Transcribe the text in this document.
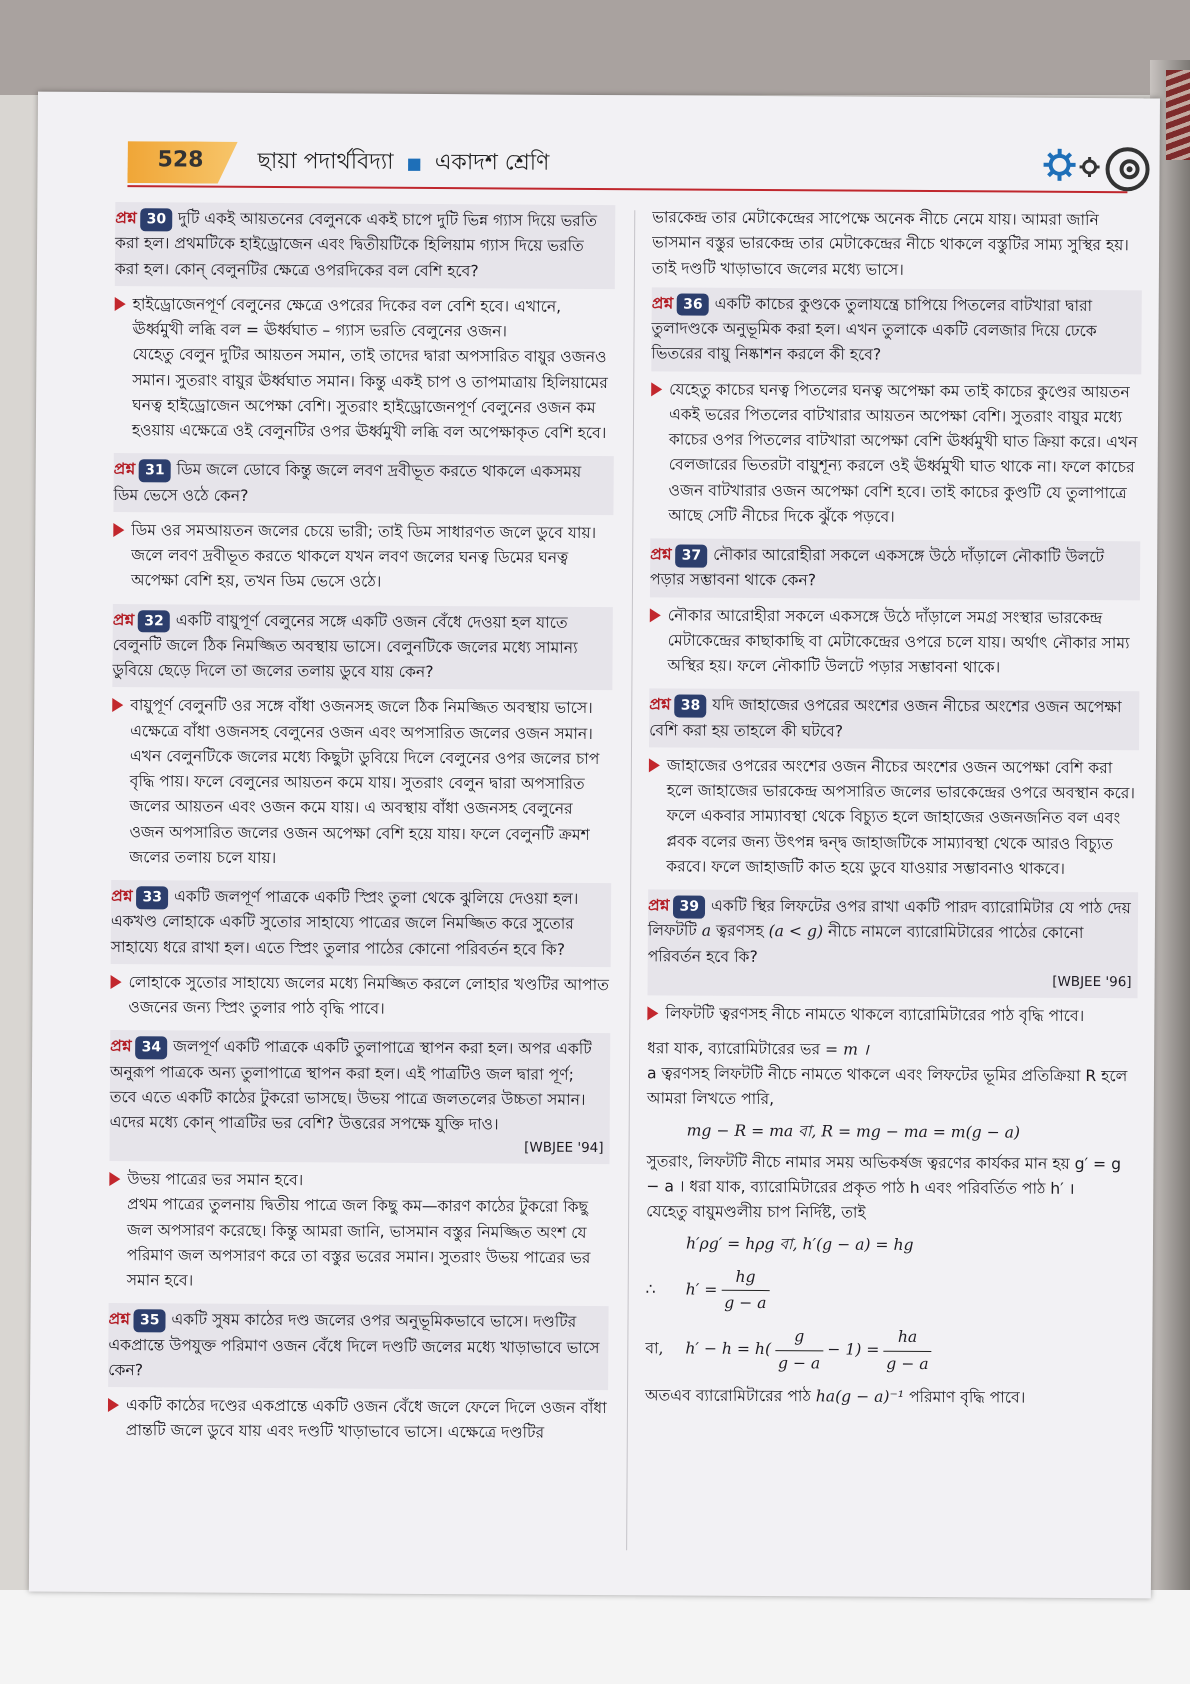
528 ছায়া পদার্থবিদ্যা ■ একাদশ শ্রেণি
প্রশ্ন 30 দুটি একই আয়তনের বেলুনকে একই চাপে দুটি ভিন্ন গ্যাস দিয়ে ভরতি করা হল। প্রথমটিকে হাইড্রোজেন এবং দ্বিতীয়টিকে হিলিয়াম গ্যাস দিয়ে ভরতি করা হল। কোন্ বেলুনটির ক্ষেত্রে ওপরদিকের বল বেশি হবে?
হাইড্রোজেনপূর্ণ বেলুনের ক্ষেত্রে ওপরের দিকের বল বেশি হবে। এখানে, ঊর্ধ্বমুখী লব্ধি বল = ঊর্ধ্বঘাত – গ্যাস ভরতি বেলুনের ওজন।
যেহেতু বেলুন দুটির আয়তন সমান, তাই তাদের দ্বারা অপসারিত বায়ুর ওজনও সমান। সুতরাং বায়ুর ঊর্ধ্বঘাত সমান। কিন্তু একই চাপ ও তাপমাত্রায় হিলিয়ামের ঘনত্ব হাইড্রোজেন অপেক্ষা বেশি। সুতরাং হাইড্রোজেনপূর্ণ বেলুনের ওজন কম হওয়ায় এক্ষেত্রে ওই বেলুনটির ওপর ঊর্ধ্বমুখী লব্ধি বল অপেক্ষাকৃত বেশি হবে।
প্রশ্ন 31 ডিম জলে ডোবে কিন্তু জলে লবণ দ্রবীভূত করতে থাকলে একসময় ডিম ভেসে ওঠে কেন?
ডিম ওর সমআয়তন জলের চেয়ে ভারী; তাই ডিম সাধারণত জলে ডুবে যায়। জলে লবণ দ্রবীভূত করতে থাকলে যখন লবণ জলের ঘনত্ব ডিমের ঘনত্ব অপেক্ষা বেশি হয়, তখন ডিম ভেসে ওঠে।
প্রশ্ন 32 একটি বায়ুপূর্ণ বেলুনের সঙ্গে একটি ওজন বেঁধে দেওয়া হল যাতে বেলুনটি জলে ঠিক নিমজ্জিত অবস্থায় ভাসে। বেলুনটিকে জলের মধ্যে সামান্য ডুবিয়ে ছেড়ে দিলে তা জলের তলায় ডুবে যায় কেন?
বায়ুপূর্ণ বেলুনটি ওর সঙ্গে বাঁধা ওজনসহ জলে ঠিক নিমজ্জিত অবস্থায় ভাসে। এক্ষেত্রে বাঁধা ওজনসহ বেলুনের ওজন এবং অপসারিত জলের ওজন সমান। এখন বেলুনটিকে জলের মধ্যে কিছুটা ডুবিয়ে দিলে বেলুনের ওপর জলের চাপ বৃদ্ধি পায়। ফলে বেলুনের আয়তন কমে যায়। সুতরাং বেলুন দ্বারা অপসারিত জলের আয়তন এবং ওজন কমে যায়। এ অবস্থায় বাঁধা ওজনসহ বেলুনের ওজন অপসারিত জলের ওজন অপেক্ষা বেশি হয়ে যায়। ফলে বেলুনটি ক্রমশ জলের তলায় চলে যায়।
প্রশ্ন 33 একটি জলপূর্ণ পাত্রকে একটি স্প্রিং তুলা থেকে ঝুলিয়ে দেওয়া হল। একখণ্ড লোহাকে একটি সুতোর সাহায্যে পাত্রের জলে নিমজ্জিত করে সুতোর সাহায্যে ধরে রাখা হল। এতে স্প্রিং তুলার পাঠের কোনো পরিবর্তন হবে কি?
লোহাকে সুতোর সাহায্যে জলের মধ্যে নিমজ্জিত করলে লোহার খণ্ডটির আপাত ওজনের জন্য স্প্রিং তুলার পাঠ বৃদ্ধি পাবে।
প্রশ্ন 34 জলপূর্ণ একটি পাত্রকে একটি তুলাপাত্রে স্থাপন করা হল। অপর একটি অনুরূপ পাত্রকে অন্য তুলাপাত্রে স্থাপন করা হল। এই পাত্রটিও জল দ্বারা পূর্ণ; তবে এতে একটি কাঠের টুকরো ভাসছে। উভয় পাত্রে জলতলের উচ্চতা সমান। এদের মধ্যে কোন্ পাত্রটির ভর বেশি? উত্তরের সপক্ষে যুক্তি দাও।
[WBJEE '94]
উভয় পাত্রের ভর সমান হবে।
প্রথম পাত্রের তুলনায় দ্বিতীয় পাত্রে জল কিছু কম—কারণ কাঠের টুকরো কিছু জল অপসারণ করেছে। কিন্তু আমরা জানি, ভাসমান বস্তুর নিমজ্জিত অংশ যে পরিমাণ জল অপসারণ করে তা বস্তুর ভরের সমান। সুতরাং উভয় পাত্রের ভর সমান হবে।
প্রশ্ন 35 একটি সুষম কাঠের দণ্ড জলের ওপর অনুভূমিকভাবে ভাসে। দণ্ডটির একপ্রান্তে উপযুক্ত পরিমাণ ওজন বেঁধে দিলে দণ্ডটি জলের মধ্যে খাড়াভাবে ভাসে কেন?
একটি কাঠের দণ্ডের একপ্রান্তে একটি ওজন বেঁধে জলে ফেলে দিলে ওজন বাঁধা প্রান্তটি জলে ডুবে যায় এবং দণ্ডটি খাড়াভাবে ভাসে। এক্ষেত্রে দণ্ডটির
ভারকেন্দ্র তার মেটাকেন্দ্রের সাপেক্ষে অনেক নীচে নেমে যায়। আমরা জানি ভাসমান বস্তুর ভারকেন্দ্র তার মেটাকেন্দ্রের নীচে থাকলে বস্তুটির সাম্য সুস্থির হয়। তাই দণ্ডটি খাড়াভাবে জলের মধ্যে ভাসে।
প্রশ্ন 36 একটি কাচের কুণ্ডকে তুলাযন্ত্রে চাপিয়ে পিতলের বাটখারা দ্বারা তুলাদণ্ডকে অনুভূমিক করা হল। এখন তুলাকে একটি বেলজার দিয়ে ঢেকে ভিতরের বায়ু নিষ্কাশন করলে কী হবে?
যেহেতু কাচের ঘনত্ব পিতলের ঘনত্ব অপেক্ষা কম তাই কাচের কুণ্ডের আয়তন একই ভরের পিতলের বাটখারার আয়তন অপেক্ষা বেশি। সুতরাং বায়ুর মধ্যে কাচের ওপর পিতলের বাটখারা অপেক্ষা বেশি ঊর্ধ্বমুখী ঘাত ক্রিয়া করে। এখন বেলজারের ভিতরটা বায়ুশূন্য করলে ওই ঊর্ধ্বমুখী ঘাত থাকে না। ফলে কাচের ওজন বাটখারার ওজন অপেক্ষা বেশি হবে। তাই কাচের কুণ্ডটি যে তুলাপাত্রে আছে সেটি নীচের দিকে ঝুঁকে পড়বে।
প্রশ্ন 37 নৌকার আরোহীরা সকলে একসঙ্গে উঠে দাঁড়ালে নৌকাটি উলটে পড়ার সম্ভাবনা থাকে কেন?
নৌকার আরোহীরা সকলে একসঙ্গে উঠে দাঁড়ালে সমগ্র সংস্থার ভারকেন্দ্র মেটাকেন্দ্রের কাছাকাছি বা মেটাকেন্দ্রের ওপরে চলে যায়। অর্থাৎ নৌকার সাম্য অস্থির হয়। ফলে নৌকাটি উলটে পড়ার সম্ভাবনা থাকে।
প্রশ্ন 38 যদি জাহাজের ওপরের অংশের ওজন নীচের অংশের ওজন অপেক্ষা বেশি করা হয় তাহলে কী ঘটবে?
জাহাজের ওপরের অংশের ওজন নীচের অংশের ওজন অপেক্ষা বেশি করা হলে জাহাজের ভারকেন্দ্র অপসারিত জলের ভারকেন্দ্রের ওপরে অবস্থান করে। ফলে একবার সাম্যাবস্থা থেকে বিচ্যুত হলে জাহাজের ওজনজনিত বল এবং প্লবক বলের জন্য উৎপন্ন দ্বন্দ্ব জাহাজটিকে সাম্যাবস্থা থেকে আরও বিচ্যুত করবে। ফলে জাহাজটি কাত হয়ে ডুবে যাওয়ার সম্ভাবনাও থাকবে।
প্রশ্ন 39 একটি স্থির লিফটের ওপর রাখা একটি পারদ ব্যারোমিটার যে পাঠ দেয় লিফটটি a ত্বরণসহ (a < g) নীচে নামলে ব্যারোমিটারের পাঠের কোনো পরিবর্তন হবে কি?
[WBJEE '96]
লিফটটি ত্বরণসহ নীচে নামতে থাকলে ব্যারোমিটারের পাঠ বৃদ্ধি পাবে।
ধরা যাক, ব্যারোমিটারের ভর = m ।
a ত্বরণসহ লিফটটি নীচে নামতে থাকলে এবং লিফটের ভূমির প্রতিক্রিয়া R হলে আমরা লিখতে পারি,
mg − R = ma বা, R = mg − ma = m(g − a)
সুতরাং, লিফটটি নীচে নামার সময় অভিকর্ষজ ত্বরণের কার্যকর মান হয় g′ = g − a । ধরা যাক, ব্যারোমিটারের প্রকৃত পাঠ h এবং পরিবর্তিত পাঠ h′ ।
যেহেতু বায়ুমণ্ডলীয় চাপ নির্দিষ্ট, তাই
h′ρg′ = hρg বা, h′(g − a) = hg
∴	$h' = \frac{hg}{g - a}$
বা,	$h' - h = h( \frac{g}{g - a} - 1) = \frac{ha}{g - a}$
অতএব ব্যারোমিটারের পাঠ ha(g − a)⁻¹ পরিমাণ বৃদ্ধি পাবে।
